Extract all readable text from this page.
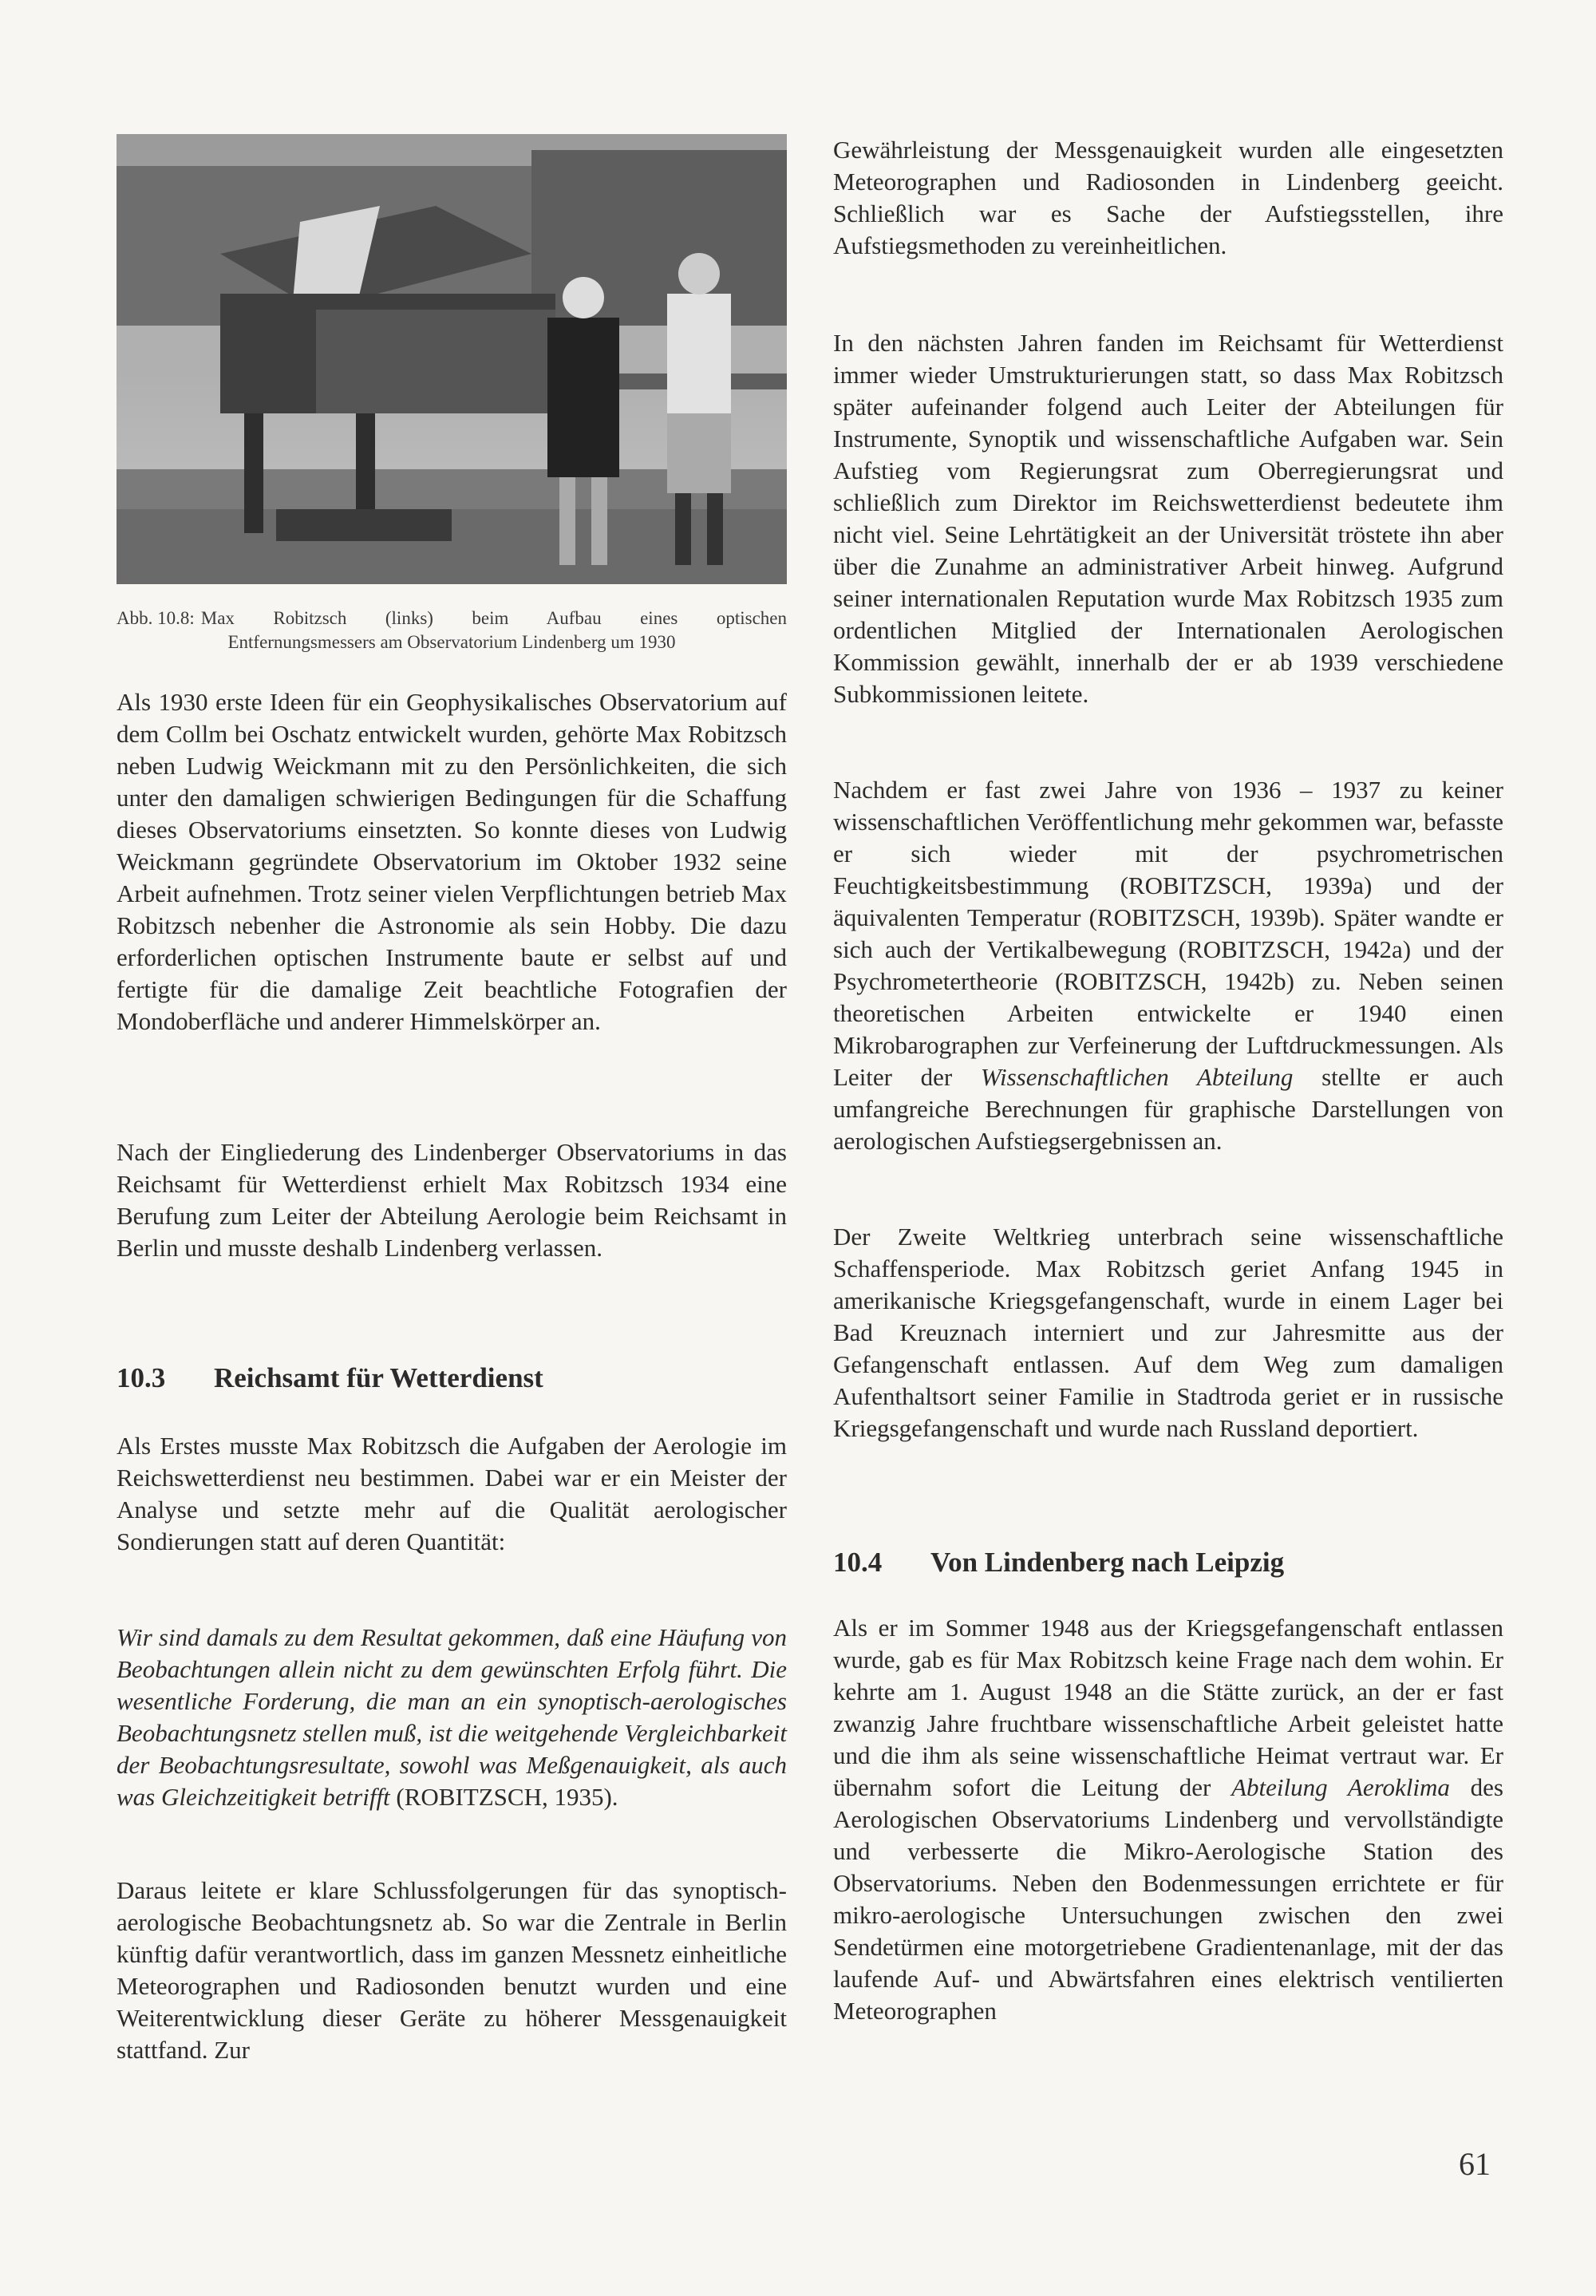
Abb. 10.8: Max Robitzsch (links) beim Aufbau eines optischen
Entfernungsmessers am Observatorium Lindenberg um 1930

Als 1930 erste Ideen für ein Geophysikalisches Observatorium auf dem Collm bei Oschatz entwickelt wurden, gehörte Max Robitzsch neben Ludwig Weickmann mit zu den Persönlichkeiten, die sich unter den damaligen schwierigen Bedingungen für die Schaffung dieses Observatoriums einsetzten. So konnte dieses von Ludwig Weickmann gegründete Observatorium im Oktober 1932 seine Arbeit aufnehmen. Trotz seiner vielen Verpflichtungen betrieb Max Robitzsch nebenher die Astronomie als sein Hobby. Die dazu erforderlichen optischen Instrumente baute er selbst auf und fertigte für die damalige Zeit beachtliche Fotografien der Mondoberfläche und anderer Himmelskörper an.

Nach der Eingliederung des Lindenberger Observatoriums in das Reichsamt für Wetterdienst erhielt Max Robitzsch 1934 eine Berufung zum Leiter der Abteilung Aerologie beim Reichsamt in Berlin und musste deshalb Lindenberg verlassen.

10.3 Reichsamt für Wetterdienst

Als Erstes musste Max Robitzsch die Aufgaben der Aerologie im Reichswetterdienst neu bestimmen. Dabei war er ein Meister der Analyse und setzte mehr auf die Qualität aerologischer Sondierungen statt auf deren Quantität:

Wir sind damals zu dem Resultat gekommen, daß eine Häufung von Beobachtungen allein nicht zu dem gewünschten Erfolg führt. Die wesentliche Forderung, die man an ein synoptisch-aerologisches Beobachtungsnetz stellen muß, ist die weitgehende Vergleichbarkeit der Beobachtungsresultate, sowohl was Meßgenauigkeit, als auch was Gleichzeitigkeit betrifft (ROBITZSCH, 1935).

Daraus leitete er klare Schlussfolgerungen für das synoptisch-aerologische Beobachtungsnetz ab. So war die Zentrale in Berlin künftig dafür verantwortlich, dass im ganzen Messnetz einheitliche Meteorographen und Radiosonden benutzt wurden und eine Weiterentwicklung dieser Geräte zu höherer Messgenauigkeit stattfand. Zur

Gewährleistung der Messgenauigkeit wurden alle eingesetzten Meteorographen und Radiosonden in Lindenberg geeicht. Schließlich war es Sache der Aufstiegsstellen, ihre Aufstiegsmethoden zu vereinheitlichen.

In den nächsten Jahren fanden im Reichsamt für Wetterdienst immer wieder Umstrukturierungen statt, so dass Max Robitzsch später aufeinander folgend auch Leiter der Abteilungen für Instrumente, Synoptik und wissenschaftliche Aufgaben war. Sein Aufstieg vom Regierungsrat zum Oberregierungsrat und schließlich zum Direktor im Reichswetterdienst bedeutete ihm nicht viel. Seine Lehrtätigkeit an der Universität tröstete ihn aber über die Zunahme an administrativer Arbeit hinweg. Aufgrund seiner internationalen Reputation wurde Max Robitzsch 1935 zum ordentlichen Mitglied der Internationalen Aerologischen Kommission gewählt, innerhalb der er ab 1939 verschiedene Subkommissionen leitete.

Nachdem er fast zwei Jahre von 1936 – 1937 zu keiner wissenschaftlichen Veröffentlichung mehr gekommen war, befasste er sich wieder mit der psychrometrischen Feuchtigkeitsbestimmung (ROBITZSCH, 1939a) und der äquivalenten Temperatur (ROBITZSCH, 1939b). Später wandte er sich auch der Vertikalbewegung (ROBITZSCH, 1942a) und der Psychrometertheorie (ROBITZSCH, 1942b) zu. Neben seinen theoretischen Arbeiten entwickelte er 1940 einen Mikrobarographen zur Verfeinerung der Luftdruckmessungen. Als Leiter der Wissenschaftlichen Abteilung stellte er auch umfangreiche Berechnungen für graphische Darstellungen von aerologischen Aufstiegsergebnissen an.

Der Zweite Weltkrieg unterbrach seine wissenschaftliche Schaffensperiode. Max Robitzsch geriet Anfang 1945 in amerikanische Kriegsgefangenschaft, wurde in einem Lager bei Bad Kreuznach interniert und zur Jahresmitte aus der Gefangenschaft entlassen. Auf dem Weg zum damaligen Aufenthaltsort seiner Familie in Stadtroda geriet er in russische Kriegsgefangenschaft und wurde nach Russland deportiert.

10.4 Von Lindenberg nach Leipzig

Als er im Sommer 1948 aus der Kriegsgefangenschaft entlassen wurde, gab es für Max Robitzsch keine Frage nach dem wohin. Er kehrte am 1. August 1948 an die Stätte zurück, an der er fast zwanzig Jahre fruchtbare wissenschaftliche Arbeit geleistet hatte und die ihm als seine wissenschaftliche Heimat vertraut war. Er übernahm sofort die Leitung der Abteilung Aeroklima des Aerologischen Observatoriums Lindenberg und vervollständigte und verbesserte die Mikro-Aerologische Station des Observatoriums. Neben den Bodenmessungen errichtete er für mikro-aerologische Untersuchungen zwischen den zwei Sendetürmen eine motorgetriebene Gradientenanlage, mit der das laufende Auf- und Abwärtsfahren eines elektrisch ventilierten Meteorographen

61
